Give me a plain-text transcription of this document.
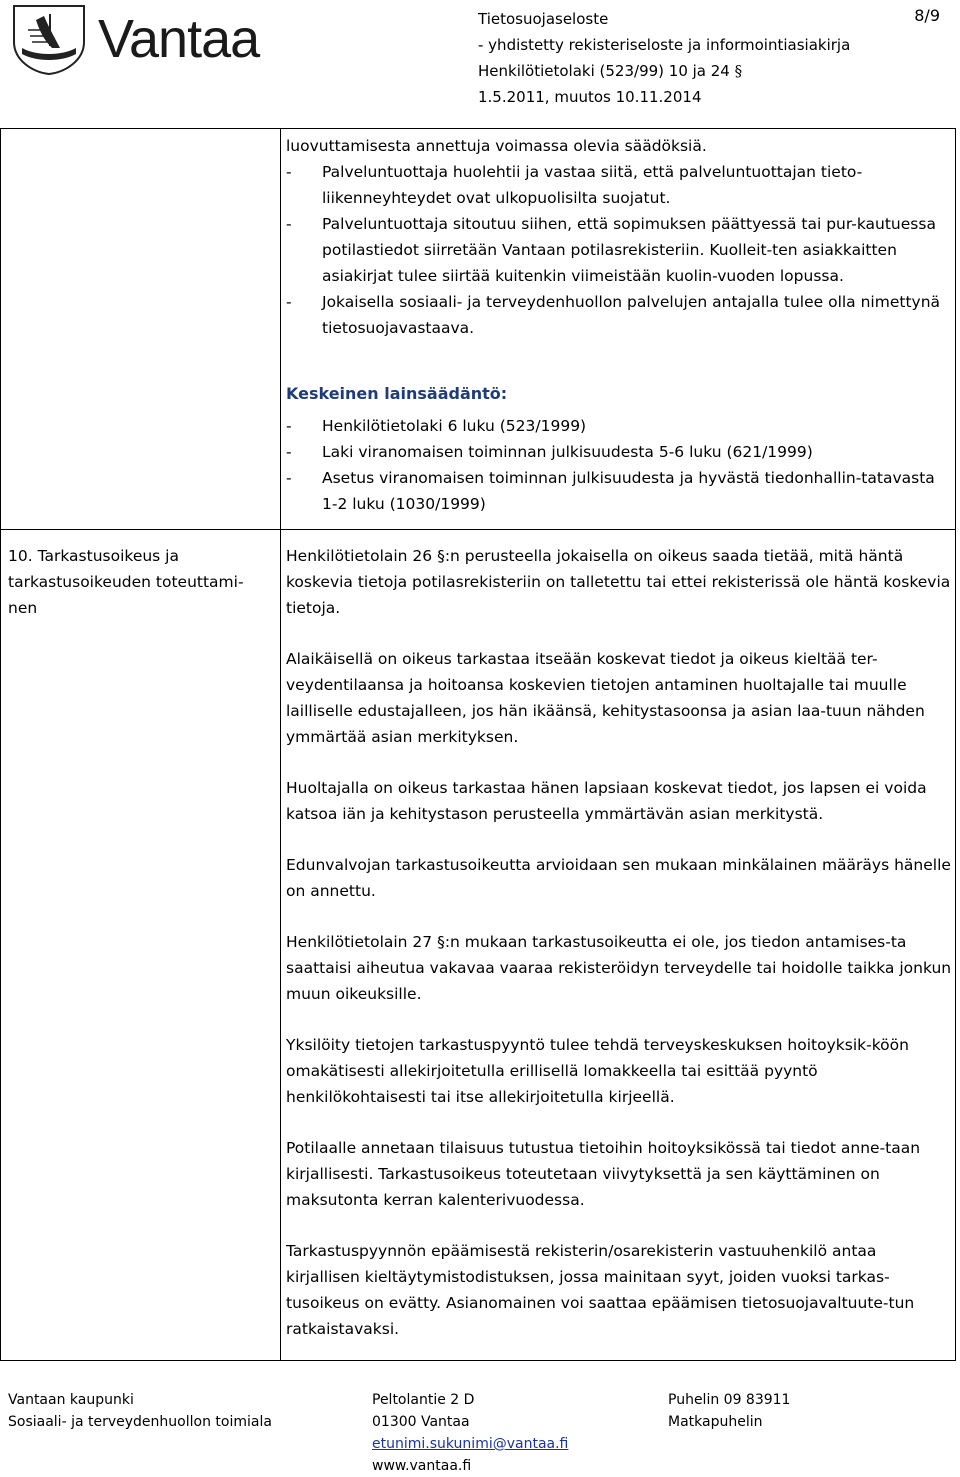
Vantaa	Tietosuojaseloste
- yhdistetty rekisteriseloste ja informointiasiakirja
Henkilötietolaki (523/99) 10 ja 24 §
1.5.2011, muutos 10.11.2014
8/9

luovuttamisesta annettuja voimassa olevia säädöksiä.

- Palveluntuottaja huolehtii ja vastaa siitä, että palveluntuottajan tieto-liikenneyhteydet ovat ulkopuolisilta suojatut.

- Palveluntuottaja sitoutuu siihen, että sopimuksen päättyessä tai pur-kautuessa potilastiedot siirretään Vantaan potilasrekisteriin. Kuolleit-ten asiakkaitten asiakirjat tulee siirtää kuitenkin viimeistään kuolin-vuoden lopussa.

- Jokaisella sosiaali- ja terveydenhuollon palvelujen antajalla tulee olla nimettynä tietosuojavastaava.

Keskeinen lainsäädäntö:
- Henkilötietolaki 6 luku (523/1999)
- Laki viranomaisen toiminnan julkisuudesta 5-6 luku (621/1999)
- Asetus viranomaisen toiminnan julkisuudesta ja hyvästä tiedonhallin-tatavasta 1-2 luku (1030/1999)
10. Tarkastusoikeus ja tarkastusoikeuden toteuttami-nen

Henkilötietolain 26 §:n perusteella jokaisella on oikeus saada tietää, mitä häntä koskevia tietoja potilasrekisteriin on talletettu tai ettei rekisterissä ole häntä koskevia tietoja.

Alaikäisellä on oikeus tarkastaa itseään koskevat tiedot ja oikeus kieltää ter-veydentilaansa ja hoitoansa koskevien tietojen antaminen huoltajalle tai muulle lailliselle edustajalleen, jos hän ikäänsä, kehitystasoonsa ja asian laa-tuun nähden ymmärtää asian merkityksen.

Huoltajalla on oikeus tarkastaa hänen lapsiaan koskevat tiedot, jos lapsen ei voida katsoa iän ja kehitystason perusteella ymmärtävän asian merkitystä.

Edunvalvojan tarkastusoikeutta arvioidaan sen mukaan minkälainen määräys hänelle on annettu.

Henkilötietolain 27 §:n mukaan tarkastusoikeutta ei ole, jos tiedon antamises-ta saattaisi aiheutua vakavaa vaaraa rekisteröidyn terveydelle tai hoidolle taikka jonkun muun oikeuksille.

Yksilöity tietojen tarkastuspyyntö tulee tehdä terveyskeskuksen hoitoyksik-köön omakätisesti allekirjoitetulla erillisellä lomakkeella tai esittää pyyntö henkilökohtaisesti tai itse allekirjoitetulla kirjeellä.

Potilaalle annetaan tilaisuus tutustua tietoihin hoitoyksikössä tai tiedot anne-taan kirjallisesti. Tarkastusoikeus toteutetaan viivytyksettä ja sen käyttäminen on maksutonta kerran kalenterivuodessa.

Tarkastuspyynnön epäämisestä rekisterin/osarekisterin vastuuhenkilö antaa kirjallisen kieltäytymistodistuksen, jossa mainitaan syyt, joiden vuoksi tarkas-tusoikeus on evätty. Asianomainen voi saattaa epäämisen tietosuojavaltuute-tun ratkaistavaksi.

Vantaan kaupunki
Sosiaali- ja terveydenhuollon toimiala
Peltolantie 2 D
01300 Vantaa
etunimi.sukunimi@vantaa.fi
www.vantaa.fi
Puhelin 09 83911
Matkapuhelin
